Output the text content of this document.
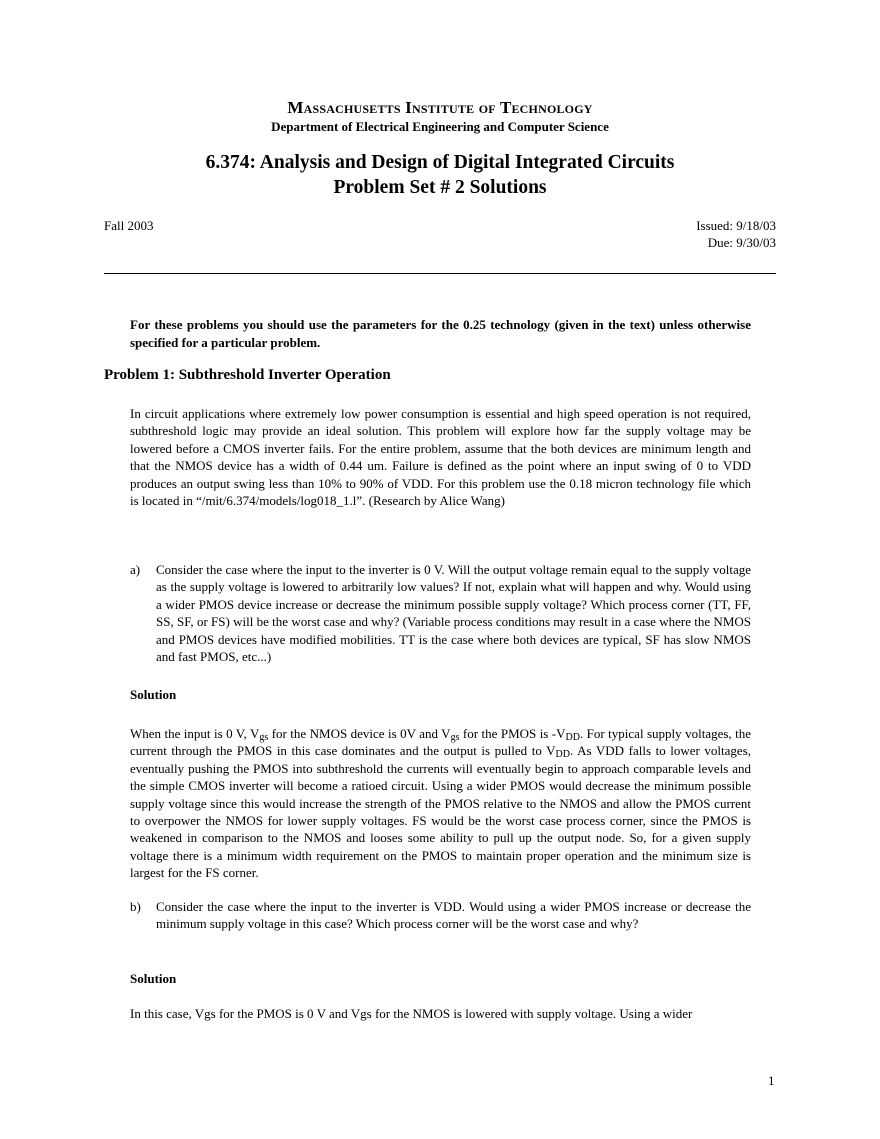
Massachusetts Institute of Technology
Department of Electrical Engineering and Computer Science
6.374: Analysis and Design of Digital Integrated Circuits
Problem Set # 2 Solutions
Fall 2003	Issued: 9/18/03
Due: 9/30/03
For these problems you should use the parameters for the 0.25 technology (given in the text) unless otherwise specified for a particular problem.
Problem 1: Subthreshold Inverter Operation
In circuit applications where extremely low power consumption is essential and high speed operation is not required, subthreshold logic may provide an ideal solution. This problem will explore how far the supply voltage may be lowered before a CMOS inverter fails. For the entire problem, assume that the both devices are minimum length and that the NMOS device has a width of 0.44 um. Failure is defined as the point where an input swing of 0 to VDD produces an output swing less than 10% to 90% of VDD. For this problem use the 0.18 micron technology file which is located in “/mit/6.374/models/log018_1.l”. (Research by Alice Wang)
a) Consider the case where the input to the inverter is 0 V. Will the output voltage remain equal to the supply voltage as the supply voltage is lowered to arbitrarily low values? If not, explain what will happen and why. Would using a wider PMOS device increase or decrease the minimum possible supply voltage? Which process corner (TT, FF, SS, SF, or FS) will be the worst case and why? (Variable process conditions may result in a case where the NMOS and PMOS devices have modified mobilities. TT is the case where both devices are typical, SF has slow NMOS and fast PMOS, etc...)
Solution
When the input is 0 V, $V_{gs}$ for the NMOS device is 0V and $V_{gs}$ for the PMOS is $-V_{DD}$. For typical supply voltages, the current through the PMOS in this case dominates and the output is pulled to $V_{DD}$. As VDD falls to lower voltages, eventually pushing the PMOS into subthreshold the currents will eventually begin to approach comparable levels and the simple CMOS inverter will become a ratioed circuit. Using a wider PMOS would decrease the minimum possible supply voltage since this would increase the strength of the PMOS relative to the NMOS and allow the PMOS current to overpower the NMOS for lower supply voltages. FS would be the worst case process corner, since the PMOS is weakened in comparison to the NMOS and looses some ability to pull up the output node. So, for a given supply voltage there is a minimum width requirement on the PMOS to maintain proper operation and the minimum size is largest for the FS corner.
b) Consider the case where the input to the inverter is VDD. Would using a wider PMOS increase or decrease the minimum supply voltage in this case? Which process corner will be the worst case and why?
Solution
In this case, Vgs for the PMOS is 0 V and Vgs for the NMOS is lowered with supply voltage. Using a wider
1
